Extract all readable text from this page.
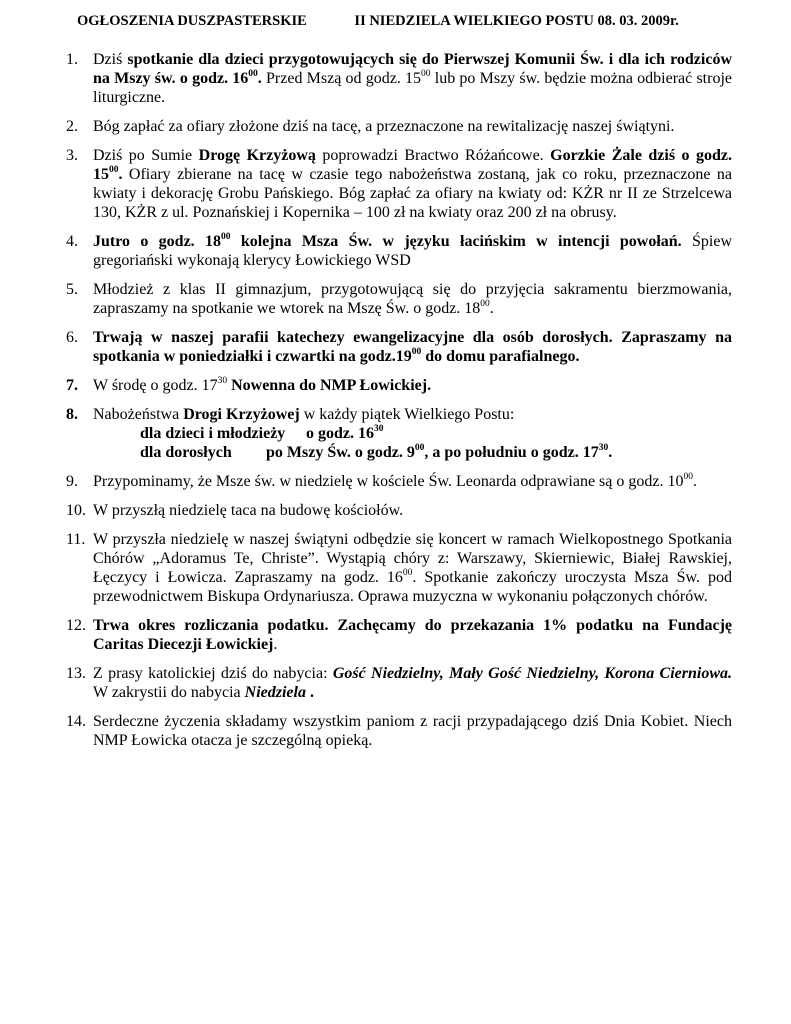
OGŁOSZENIA DUSZPASTERSKIE	II NIEDZIELA WIELKIEGO POSTU 08. 03. 2009r.
1. Dziś spotkanie dla dzieci przygotowujących się do Pierwszej Komunii Św. i dla ich rodziców na Mszy św. o godz. $16^{00}$. Przed Mszą od godz. $15^{00}$ lub po Mszy św. będzie można odbierać stroje liturgiczne.
2. Bóg zapłać za ofiary złożone dziś na tacę, a przeznaczone na rewitalizację naszej świątyni.
3. Dziś po Sumie Drogę Krzyżową poprowadzi Bractwo Różańcowe. Gorzkie Żale dziś o godz. $15^{00}$. Ofiary zbierane na tacę w czasie tego nabożeństwa zostaną, jak co roku, przeznaczone na kwiaty i dekorację Grobu Pańskiego. Bóg zapłać za ofiary na kwiaty od: KŻR nr II ze Strzelcewa 130, KŻR z ul. Poznańskiej i Kopernika – 100 zł na kwiaty oraz 200 zł na obrusy.
4. Jutro o godz. $18^{00}$ kolejna Msza Św. w języku łacińskim w intencji powołań. Śpiew gregoriański wykonają klerycy Łowickiego WSD
5. Młodzież z klas II gimnazjum, przygotowującą się do przyjęcia sakramentu bierzmowania, zapraszamy na spotkanie we wtorek na Mszę Św. o godz. $18^{00}$.
6. Trwają w naszej parafii katechezy ewangelizacyjne dla osób dorosłych. Zapraszamy na spotkania w poniedziałki i czwartki na $godz.19^{00}$ do domu parafialnego.
7. W środę o godz. $17^{30}$ Nowenna do NMP Łowickiej.
8. Nabożeństwa Drogi Krzyżowej w każdy piątek Wielkiego Postu:
dla dzieci i młodzieży o godz. $16^{30}$
dla dorosłych po Mszy Św. o godz. $9^{00}$, a po południu o godz. $17^{30}$.
9. Przypominamy, że Msze św. w niedzielę w kościele Św. Leonarda odprawiane są o godz. $10^{00}$.
10. W przyszłą niedzielę taca na budowę kościołów.
11. W przyszła niedzielę w naszej świątyni odbędzie się koncert w ramach Wielkopostnego Spotkania Chórów „Adoramus Te, Christe”. Wystąpią chóry z: Warszawy, Skierniewic, Białej Rawskiej, Łęczycy i Łowicza. Zapraszamy na godz. $16^{00}$. Spotkanie zakończy uroczysta Msza Św. pod przewodnictwem Biskupa Ordynariusza. Oprawa muzyczna w wykonaniu połączonych chórów.
12. Trwa okres rozliczania podatku. Zachęcamy do przekazania 1% podatku na Fundację Caritas Diecezji Łowickiej.
13. Z prasy katolickiej dziś do nabycia: Gość Niedzielny, Mały Gość Niedzielny, Korona Cierniowa. W zakrystii do nabycia Niedziela .
14. Serdeczne życzenia składamy wszystkim paniom z racji przypadającego dziś Dnia Kobiet. Niech NMP Łowicka otacza je szczególną opieką.
